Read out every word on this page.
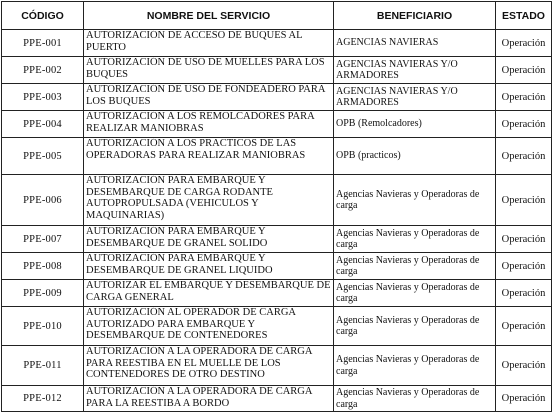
CÓDIGO	NOMBRE DEL SERVICIO	BENEFICIARIO	ESTADO
PPE-001	AUTORIZACIÓN DE ACCESO DE BUQUES AL PUERTO	AGENCIAS NAVIERAS	Operación
PPE-002	AUTORIZACIÓN DE USO DE MUELLES PARA LOS BUQUES	AGENCIAS NAVIERAS Y/O ARMADORES	Operación
PPE-003	AUTORIZACIÓN DE USO DE FONDEADERO PARA LOS BUQUES	AGENCIAS NAVIERAS Y/O ARMADORES	Operación
PPE-004	AUTORIZACIÓN A LOS REMOLCADORES PARA REALIZAR MANIOBRAS	OPB (Remolcadores)	Operación
PPE-005	AUTORIZACIÓN A LOS PRACTICOS DE LAS OPERADORAS PARA REALIZAR MANIOBRAS	OPB (practicos)	Operación
PPE-006	AUTORIZACIÓN PARA EMBARQUE Y DESEMBARQUE DE CARGA RODANTE AUTOPROPULSADA (VEHICULOS Y MAQUINARIAS)	Agencias Navieras y Operadoras de carga	Operación
PPE-007	AUTORIZACIÓN PARA EMBARQUE Y DESEMBARQUE DE GRANEL SOLIDO	Agencias Navieras y Operadoras de carga	Operación
PPE-008	AUTORIZACIÓN PARA EMBARQUE Y DESEMBARQUE DE GRANEL LIQUIDO	Agencias Navieras y Operadoras de carga	Operación
PPE-009	AUTORIZAR EL EMBARQUE Y DESEMBARQUE DE CARGA GENERAL	Agencias Navieras y Operadoras de carga	Operación
PPE-010	AUTORIZACIÓN AL OPERADOR DE CARGA AUTORIZADO PARA EMBARQUE Y DESEMBARQUE DE CONTENEDORES	Agencias Navieras y Operadoras de carga	Operación
PPE-011	AUTORIZACIÓN A LA OPERADORA DE CARGA PARA REESTIBA EN EL MUELLE DE LOS CONTENEDORES DE OTRO DESTINO	Agencias Navieras y Operadoras de carga	Operación
PPE-012	AUTORIZACIÓN A LA OPERADORA DE CARGA PARA LA REESTIBA A BORDO	Agencias Navieras y Operadoras de carga	Operación
